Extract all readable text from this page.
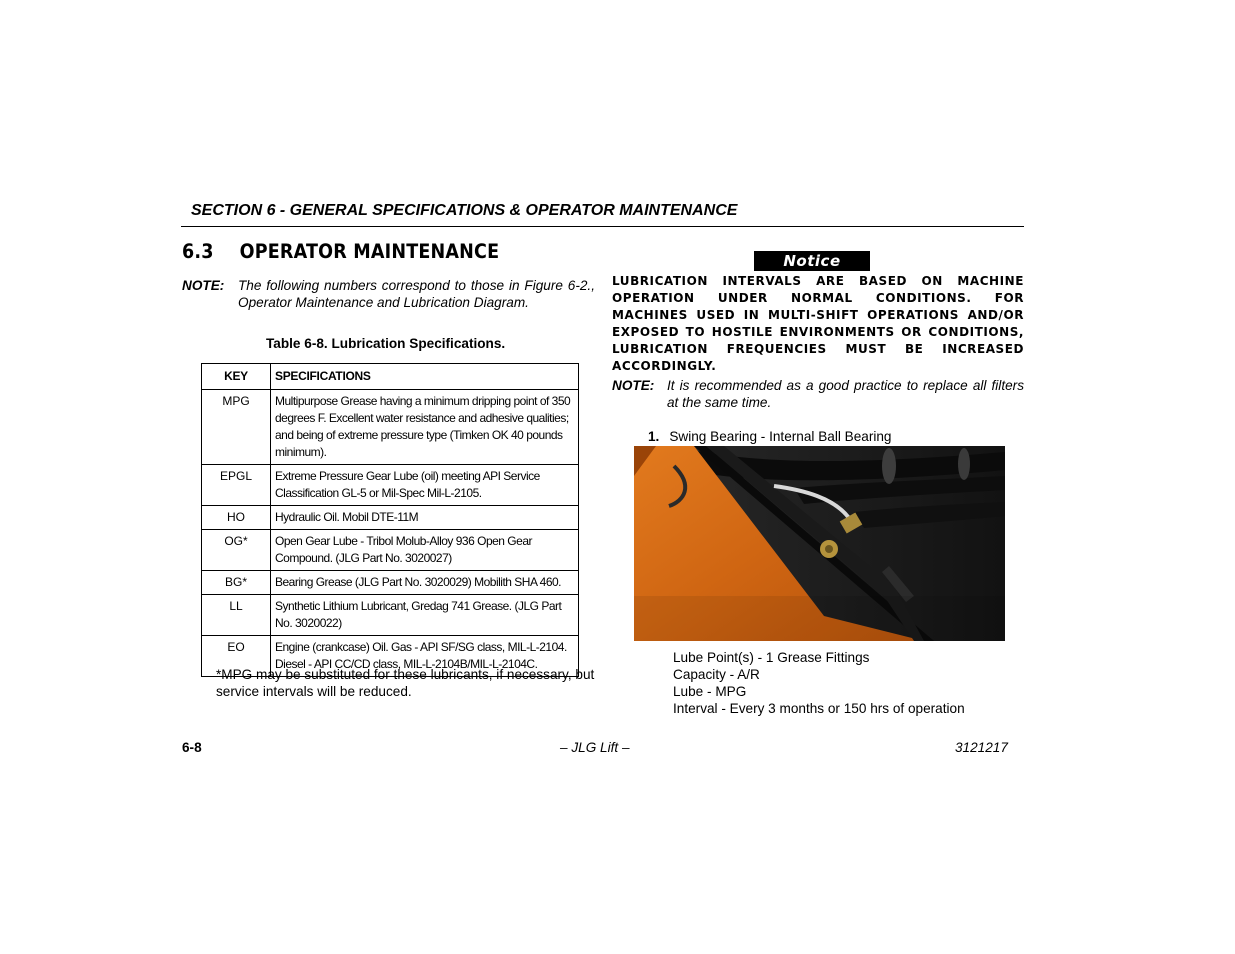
SECTION 6 - GENERAL SPECIFICATIONS & OPERATOR MAINTENANCE
6.3 OPERATOR MAINTENANCE
NOTE: The following numbers correspond to those in Figure 6-2., Operator Maintenance and Lubrication Diagram.
Table 6-8. Lubrication Specifications.
KEY	SPECIFICATIONS
MPG	Multipurpose Grease having a minimum dripping point of 350 degrees F. Excellent water resistance and adhesive qualities; and being of extreme pressure type (Timken OK 40 pounds minimum).
EPGL	Extreme Pressure Gear Lube (oil) meeting API Service Classification GL-5 or Mil-Spec Mil-L-2105.
HO	Hydraulic Oil. Mobil DTE-11M
OG*	Open Gear Lube - Tribol Molub-Alloy 936 Open Gear Compound. (JLG Part No. 3020027)
BG*	Bearing Grease (JLG Part No. 3020029) Mobilith SHA 460.
LL	Synthetic Lithium Lubricant, Gredag 741 Grease. (JLG Part No. 3020022)
EO	Engine (crankcase) Oil. Gas - API SF/SG class, MIL-L-2104. Diesel - API CC/CD class, MIL-L-2104B/MIL-L-2104C.
*MPG may be substituted for these lubricants, if necessary, but service intervals will be reduced.
Notice
LUBRICATION INTERVALS ARE BASED ON MACHINE OPERATION UNDER NORMAL CONDITIONS. FOR MACHINES USED IN MULTI-SHIFT OPERATIONS AND/OR EXPOSED TO HOSTILE ENVIRONMENTS OR CONDITIONS, LUBRICATION FREQUENCIES MUST BE INCREASED ACCORDINGLY.
NOTE: It is recommended as a good practice to replace all filters at the same time.
1. Swing Bearing - Internal Ball Bearing
Lube Point(s) - 1 Grease Fittings
Capacity - A/R
Lube - MPG
Interval - Every 3 months or 150 hrs of operation
6-8	– JLG Lift –	3121217
